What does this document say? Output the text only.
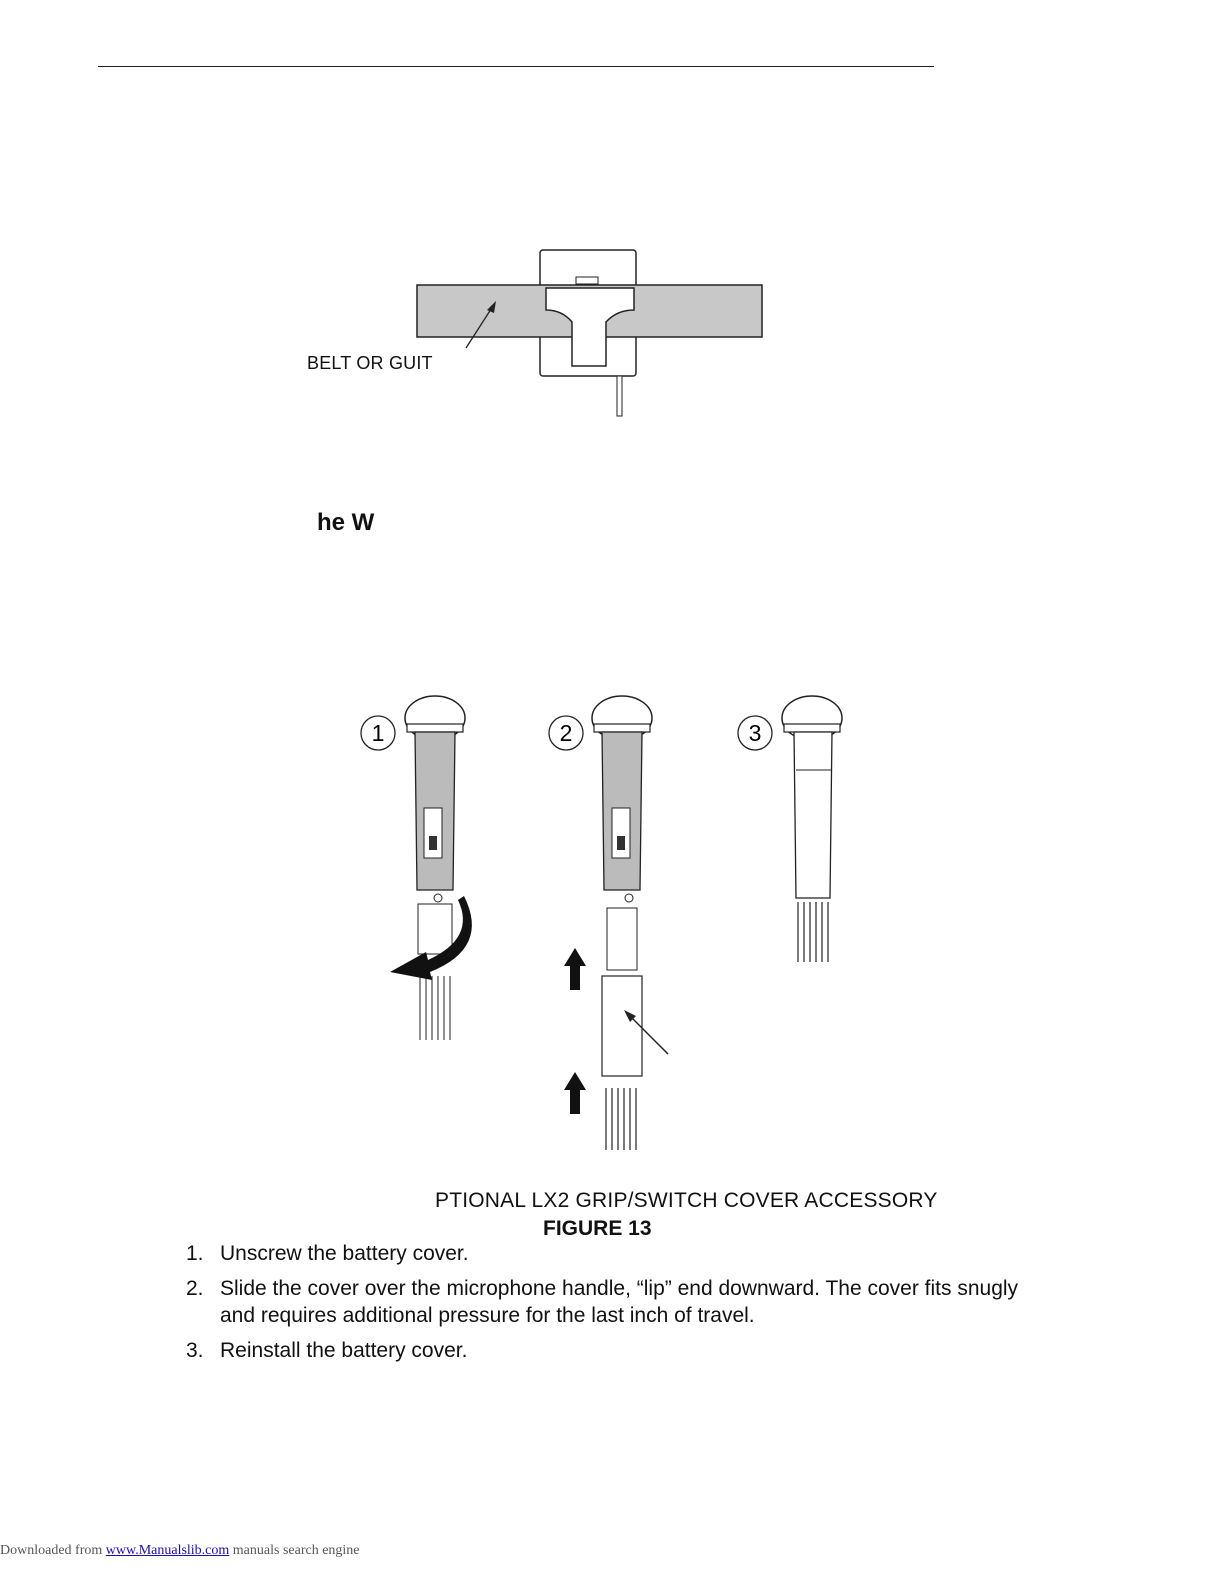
BELT OR GUIT
he W
1	2	3
PTIONAL LX2 GRIP/SWITCH COVER ACCESSORY
FIGURE 13
1. Unscrew the battery cover.
2. Slide the cover over the microphone handle, “lip” end downward. The cover fits snugly and requires additional pressure for the last inch of travel.
3. Reinstall the battery cover.
Downloaded from www.Manualslib.com manuals search engine
